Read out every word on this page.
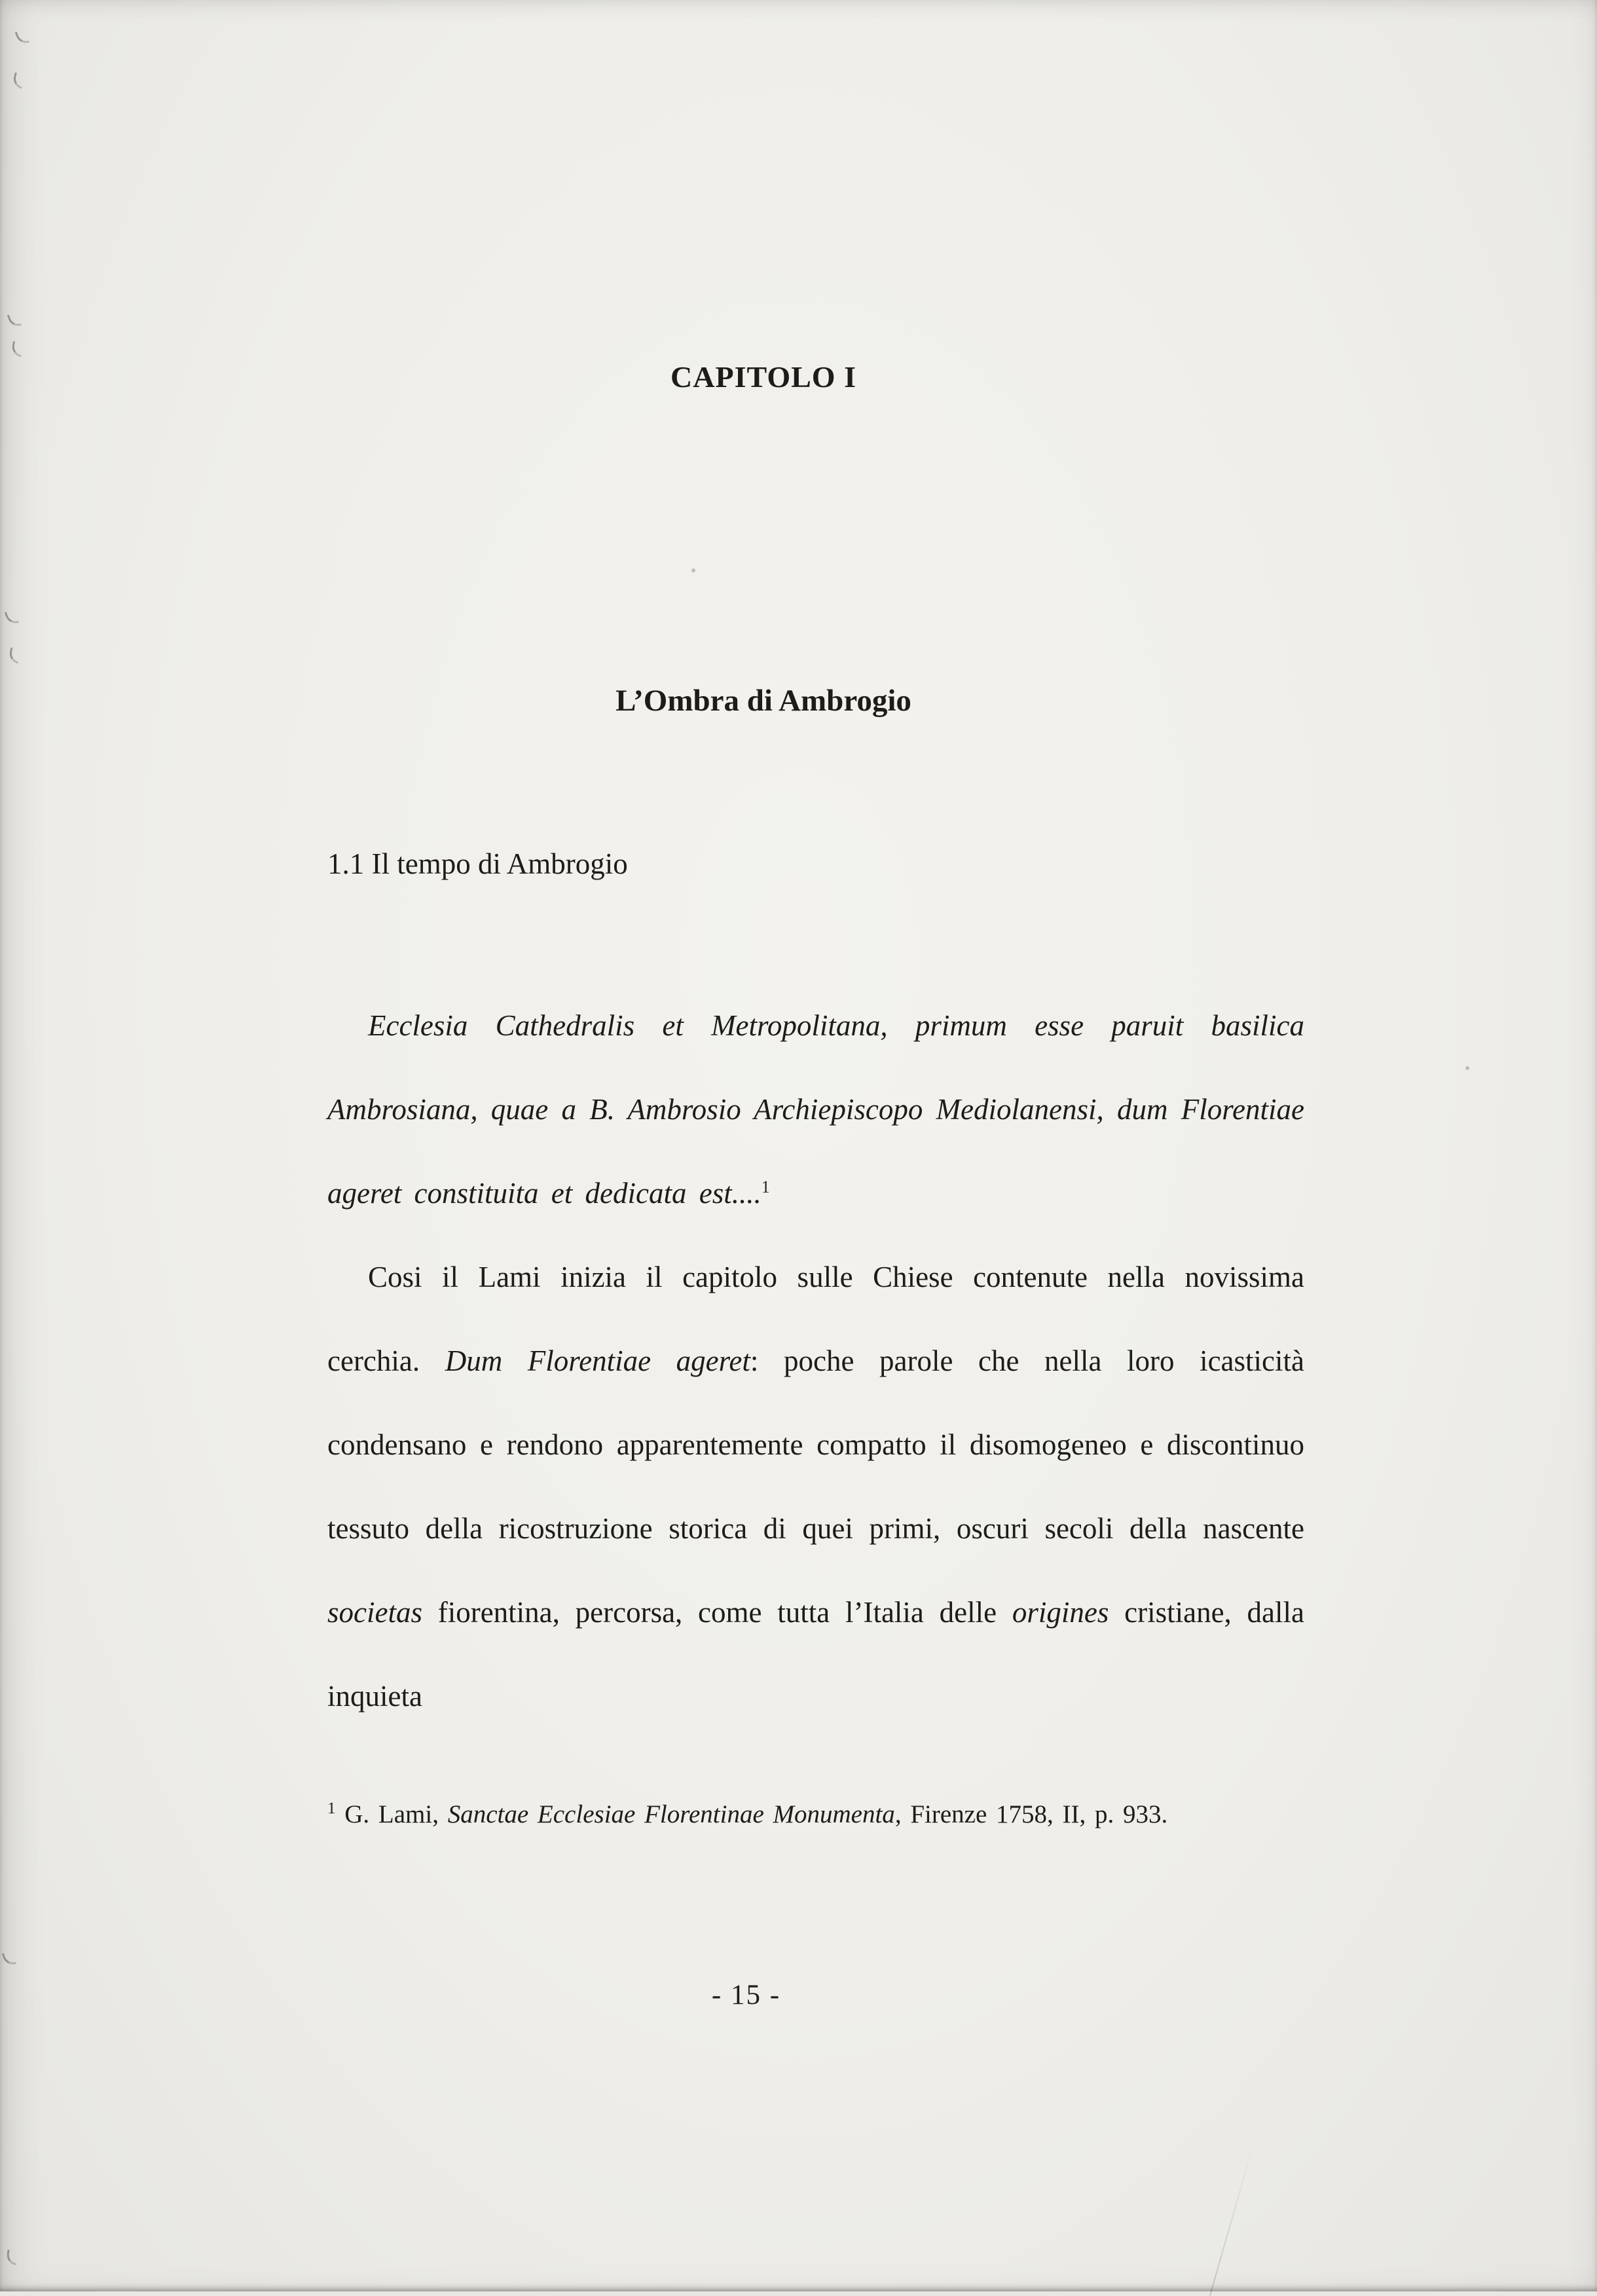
CAPITOLO I
L’Ombra di Ambrogio
1.1 Il tempo di Ambrogio

Ecclesia Cathedralis et Metropolitana, primum esse paruit basilica Ambrosiana, quae a B. Ambrosio Archiepiscopo Mediolanensi, dum Florentiae ageret constituita et dedicata est....$^1$

Cosi il Lami inizia il capitolo sulle Chiese contenute nella novissima cerchia. Dum Florentiae ageret: poche parole che nella loro icasticità condensano e rendono apparentemente compatto il disomogeneo e discontinuo tessuto della ricostruzione storica di quei primi, oscuri secoli della nascente societas fiorentina, percorsa, come tutta l’Italia delle origines cristiane, dalla inquieta

$^1$ G. Lami, Sanctae Ecclesiae Florentinae Monumenta, Firenze 1758, II, p. 933.
- 15 -
